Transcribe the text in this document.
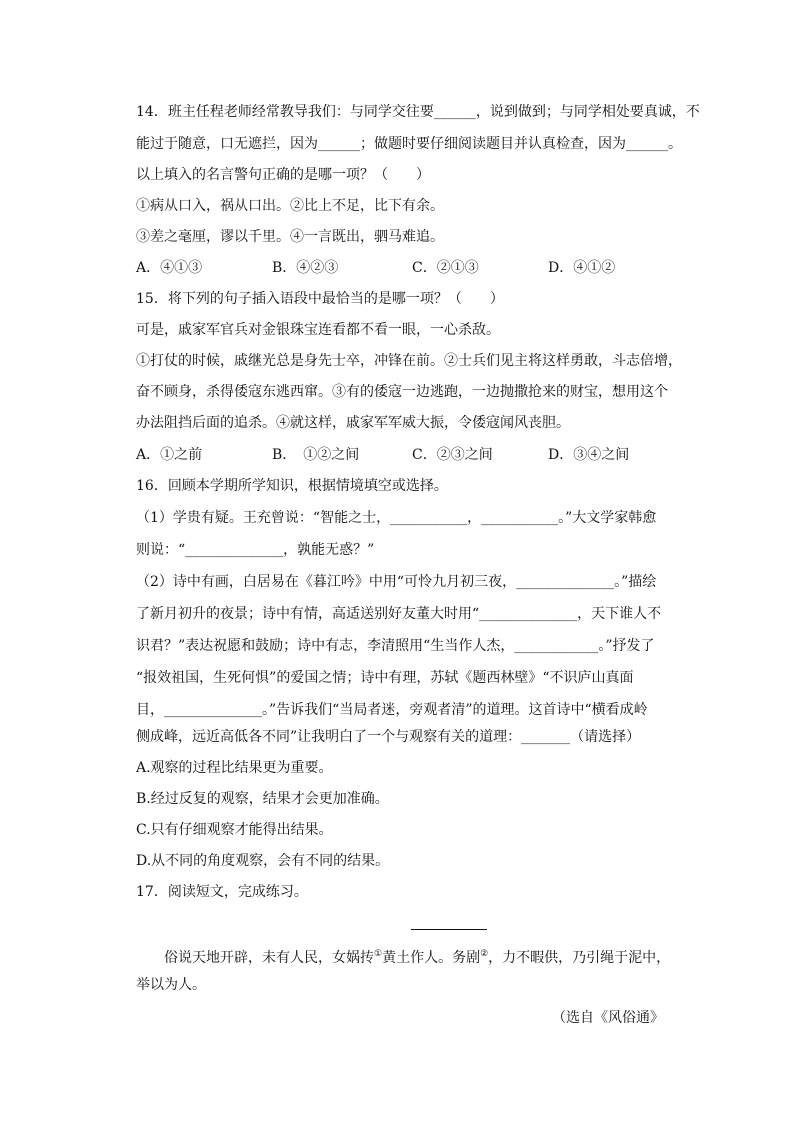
14．班主任程老师经常教导我们：与同学交往要______，说到做到；与同学相处要真诚，不
能过于随意，口无遮拦，因为______；做题时要仔细阅读题目并认真检查，因为______。
以上填入的名言警句正确的是哪一项？（　　）
①病从口入，祸从口出。②比上不足，比下有余。
③差之毫厘，谬以千里。④一言既出，驷马难追。
A．④①③	B．④②③	C．②①③	D．④①②
15．将下列的句子插入语段中最恰当的是哪一项？（　　）
可是，戚家军官兵对金银珠宝连看都不看一眼，一心杀敌。
①打仗的时候，戚继光总是身先士卒，冲锋在前。②士兵们见主将这样勇敢，斗志倍增，
奋不顾身，杀得倭寇东逃西窜。③有的倭寇一边逃跑，一边抛撒抢来的财宝，想用这个
办法阻挡后面的追杀。④就这样，戚家军军威大振，令倭寇闻风丧胆。
A．①之前	B．　①②之间	C．②③之间	D．③④之间
16．回顾本学期所学知识，根据情境填空或选择。
（1）学贵有疑。王充曾说：“智能之士，___________，___________。”大文学家韩愈
则说：“______________，孰能无惑？”
（2）诗中有画，白居易在《暮江吟》中用“可怜九月初三夜，______________。”描绘
了新月初升的夜景；诗中有情，高适送别好友董大时用“______________，天下谁人不
识君？”表达祝愿和鼓励；诗中有志，李清照用“生当作人杰，____________。”抒发了
“报效祖国，生死何惧”的爱国之情；诗中有理，苏轼《题西林壁》“不识庐山真面
目，______________。”告诉我们“当局者迷，旁观者清”的道理。这首诗中“横看成岭
侧成峰，远近高低各不同”让我明白了一个与观察有关的道理：_______（请选择）
A.观察的过程比结果更为重要。
B.经过反复的观察，结果才会更加准确。
C.只有仔细观察才能得出结果。
D.从不同的角度观察，会有不同的结果。
17．阅读短文，完成练习。
俗说天地开辟，未有人民，女娲抟①黄土作人。务剧②，力不暇供，乃引绳于泥中，
举以为人。
（选自《风俗通》
